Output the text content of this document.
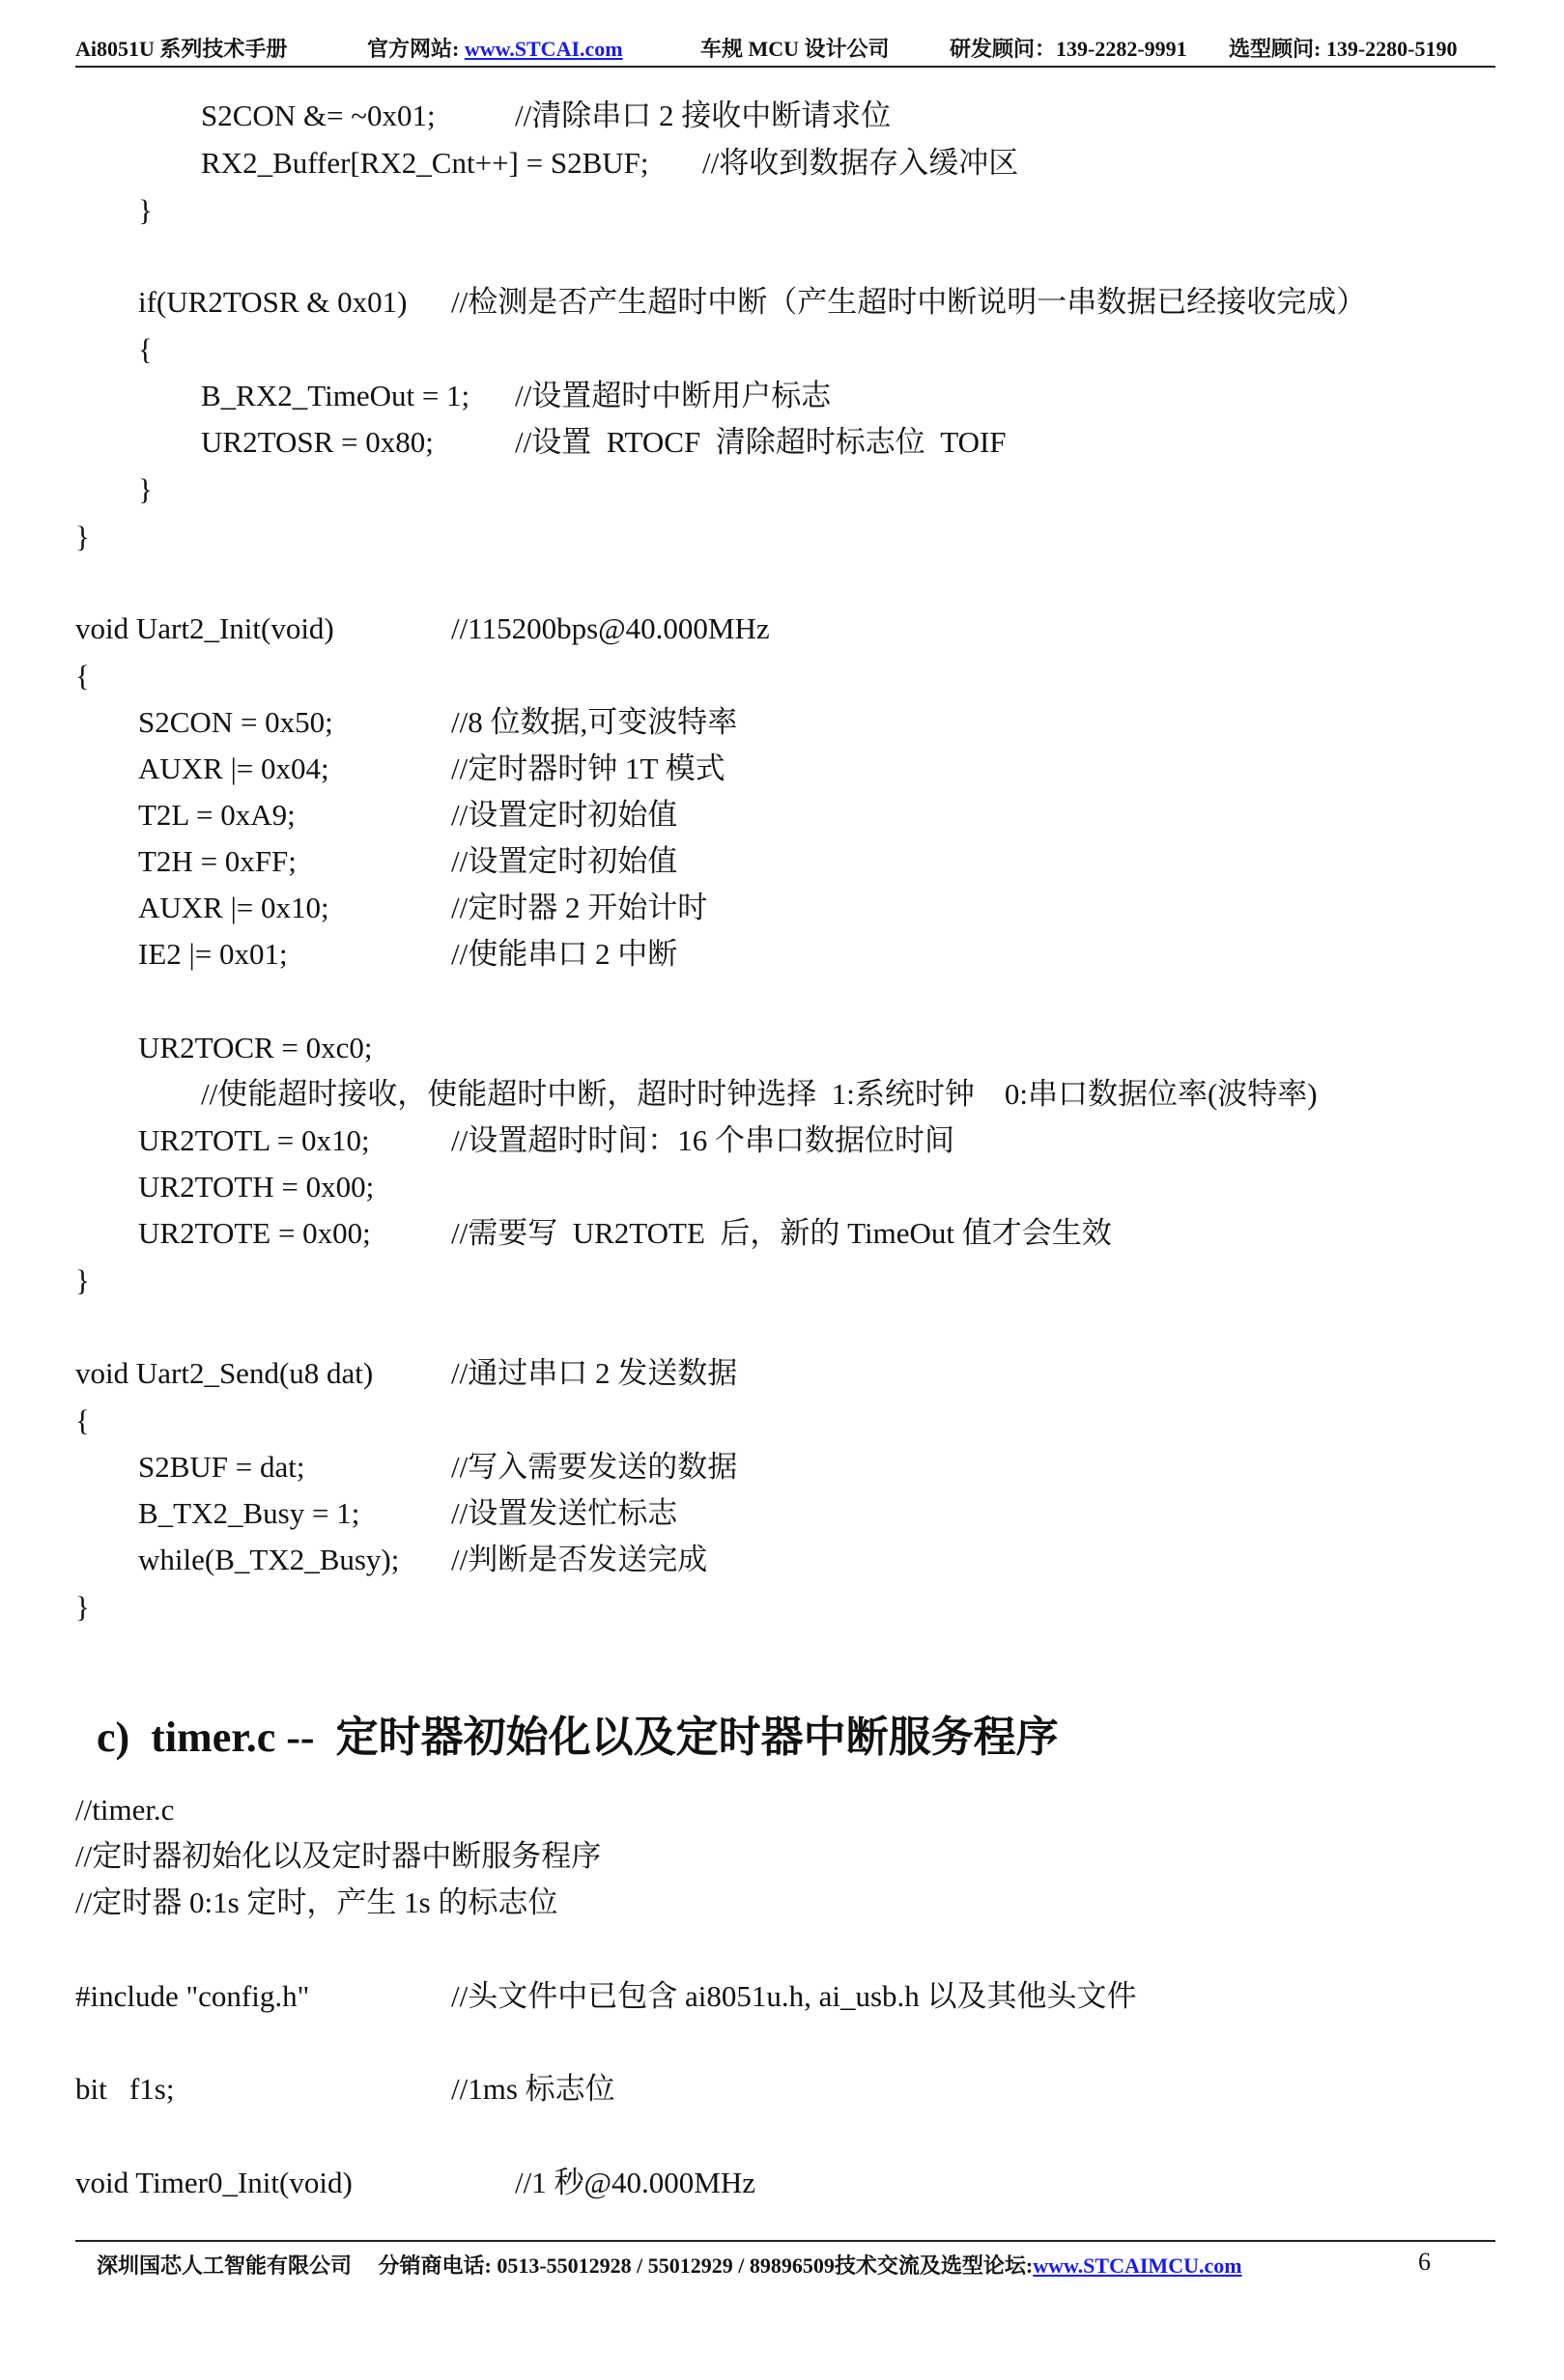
Ai8051U 系列技术手册	官方网站: www.STCAI.com	车规 MCU 设计公司	研发顾问：139-2282-9991 选型顾问: 139-2280-5190
S2CON &= ~0x01;	//清除串口 2 接收中断请求位
RX2_Buffer[RX2_Cnt++] = S2BUF; //将收到数据存入缓冲区
}
if(UR2TOSR & 0x01) //检测是否产生超时中断（产生超时中断说明一串数据已经接收完成）
{
B_RX2_TimeOut = 1; //设置超时中断用户标志
UR2TOSR = 0x80;	//设置  RTOCF  清除超时标志位  TOIF
}
}
void Uart2_Init(void)	//115200bps@40.000MHz
{
S2CON = 0x50;	//8 位数据,可变波特率
AUXR |= 0x04;	//定时器时钟 1T 模式
T2L = 0xA9;	//设置定时初始值
T2H = 0xFF;	//设置定时初始值
AUXR |= 0x10;	//定时器 2 开始计时
IE2 |= 0x01;	//使能串口 2 中断
UR2TOCR = 0xc0;
//使能超时接收，使能超时中断，超时时钟选择  1:系统时钟    0:串口数据位率(波特率)
UR2TOTL = 0x10;	//设置超时时间：16 个串口数据位时间
UR2TOTH = 0x00;
UR2TOTE = 0x00;	//需要写  UR2TOTE  后，新的 TimeOut 值才会生效
}
void Uart2_Send(u8 dat)	//通过串口 2 发送数据
{
S2BUF = dat;	//写入需要发送的数据
B_TX2_Busy = 1;	//设置发送忙标志
while(B_TX2_Busy); //判断是否发送完成
}
c)  timer.c --  定时器初始化以及定时器中断服务程序
//timer.c
//定时器初始化以及定时器中断服务程序
//定时器 0:1s 定时，产生 1s 的标志位
#include "config.h"	//头文件中已包含 ai8051u.h, ai_usb.h 以及其他头文件
bit   f1s;	//1ms 标志位
void Timer0_Init(void)	//1 秒@40.000MHz
深圳国芯人工智能有限公司 分销商电话: 0513-55012928 / 55012929 / 89896509技术交流及选型论坛:www.STCAIMCU.com	6
